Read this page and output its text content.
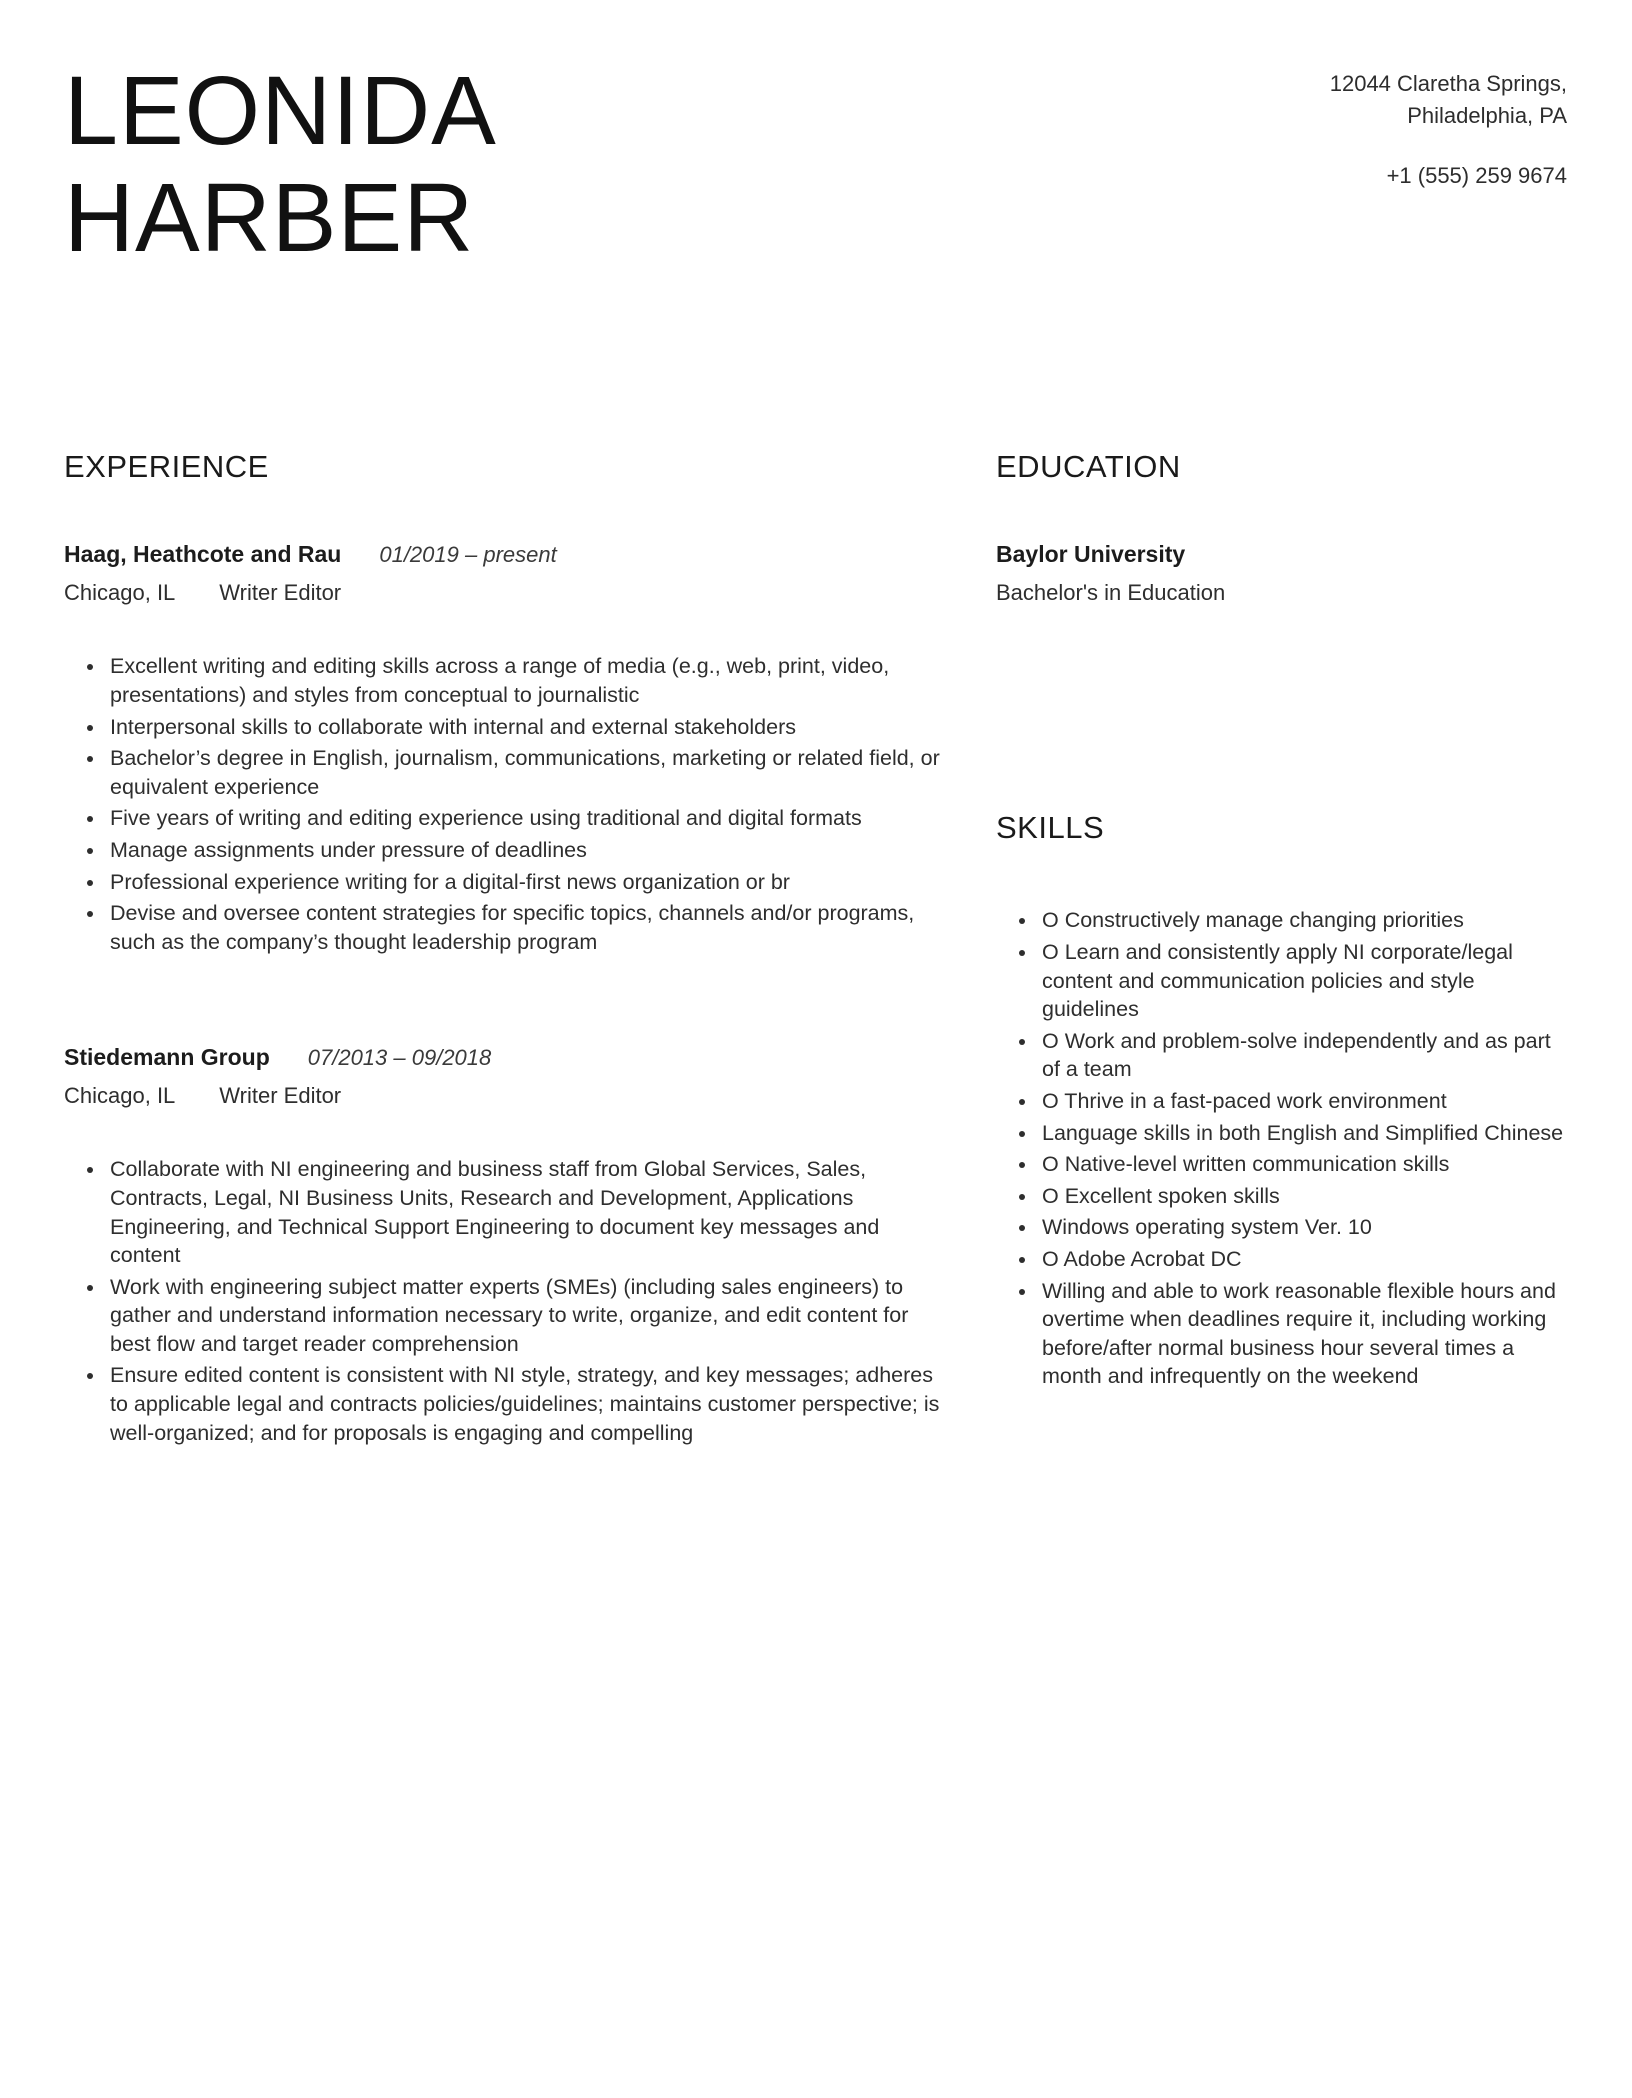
LEONIDA
HARBER
12044 Claretha Springs,
Philadelphia, PA
+1 (555) 259 9674
EXPERIENCE
Haag, Heathcote and Rau 01/2019 – present
Chicago, IL Writer Editor
• Excellent writing and editing skills across a range of media (e.g., web, print, video, presentations) and styles from conceptual to journalistic
• Interpersonal skills to collaborate with internal and external stakeholders
• Bachelor’s degree in English, journalism, communications, marketing or related field, or equivalent experience
• Five years of writing and editing experience using traditional and digital formats
• Manage assignments under pressure of deadlines
• Professional experience writing for a digital-first news organization or br
• Devise and oversee content strategies for specific topics, channels and/or programs, such as the company’s thought leadership program
Stiedemann Group 07/2013 – 09/2018
Chicago, IL Writer Editor
• Collaborate with NI engineering and business staff from Global Services, Sales, Contracts, Legal, NI Business Units, Research and Development, Applications Engineering, and Technical Support Engineering to document key messages and content
• Work with engineering subject matter experts (SMEs) (including sales engineers) to gather and understand information necessary to write, organize, and edit content for best flow and target reader comprehension
• Ensure edited content is consistent with NI style, strategy, and key messages; adheres to applicable legal and contracts policies/guidelines; maintains customer perspective; is well-organized; and for proposals is engaging and compelling
EDUCATION
Baylor University
Bachelor's in Education
SKILLS
• O Constructively manage changing priorities
• O Learn and consistently apply NI corporate/legal content and communication policies and style guidelines
• O Work and problem-solve independently and as part of a team
• O Thrive in a fast-paced work environment
• Language skills in both English and Simplified Chinese
• O Native-level written communication skills
• O Excellent spoken skills
• Windows operating system Ver. 10
• O Adobe Acrobat DC
• Willing and able to work reasonable flexible hours and overtime when deadlines require it, including working before/after normal business hour several times a month and infrequently on the weekend
